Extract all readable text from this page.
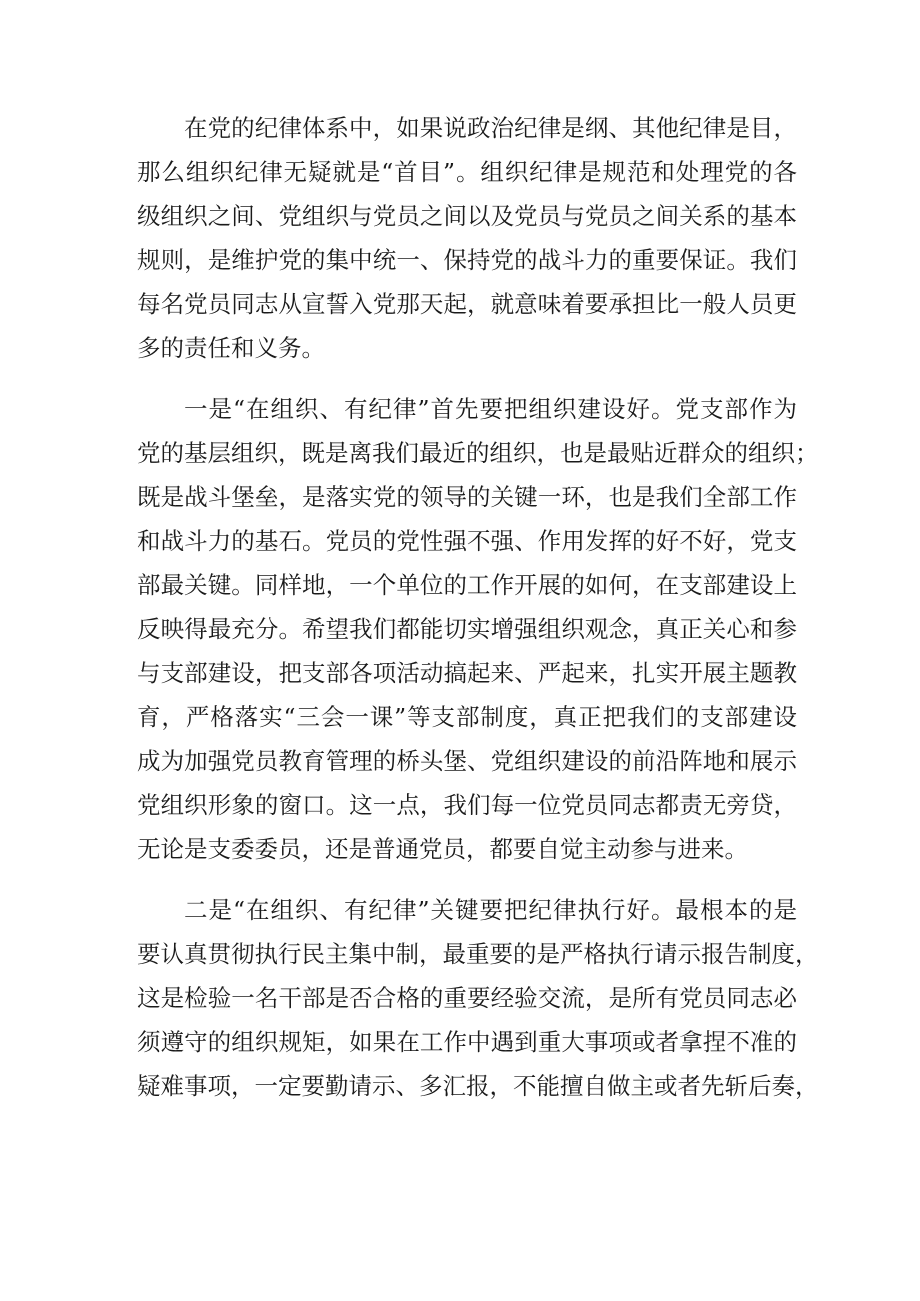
在党的纪律体系中，如果说政治纪律是纲、其他纪律是目，
那么组织纪律无疑就是“首目”。组织纪律是规范和处理党的各
级组织之间、党组织与党员之间以及党员与党员之间关系的基本
规则，是维护党的集中统一、保持党的战斗力的重要保证。我们
每名党员同志从宣誓入党那天起，就意味着要承担比一般人员更
多的责任和义务。
一是“在组织、有纪律”首先要把组织建设好。党支部作为
党的基层组织，既是离我们最近的组织，也是最贴近群众的组织；
既是战斗堡垒，是落实党的领导的关键一环，也是我们全部工作
和战斗力的基石。党员的党性强不强、作用发挥的好不好，党支
部最关键。同样地，一个单位的工作开展的如何，在支部建设上
反映得最充分。希望我们都能切实增强组织观念，真正关心和参
与支部建设，把支部各项活动搞起来、严起来，扎实开展主题教
育，严格落实“三会一课”等支部制度，真正把我们的支部建设
成为加强党员教育管理的桥头堡、党组织建设的前沿阵地和展示
党组织形象的窗口。这一点，我们每一位党员同志都责无旁贷，
无论是支委委员，还是普通党员，都要自觉主动参与进来。
二是“在组织、有纪律”关键要把纪律执行好。最根本的是
要认真贯彻执行民主集中制，最重要的是严格执行请示报告制度，
这是检验一名干部是否合格的重要经验交流，是所有党员同志必
须遵守的组织规矩，如果在工作中遇到重大事项或者拿捏不准的
疑难事项，一定要勤请示、多汇报，不能擅自做主或者先斩后奏，
